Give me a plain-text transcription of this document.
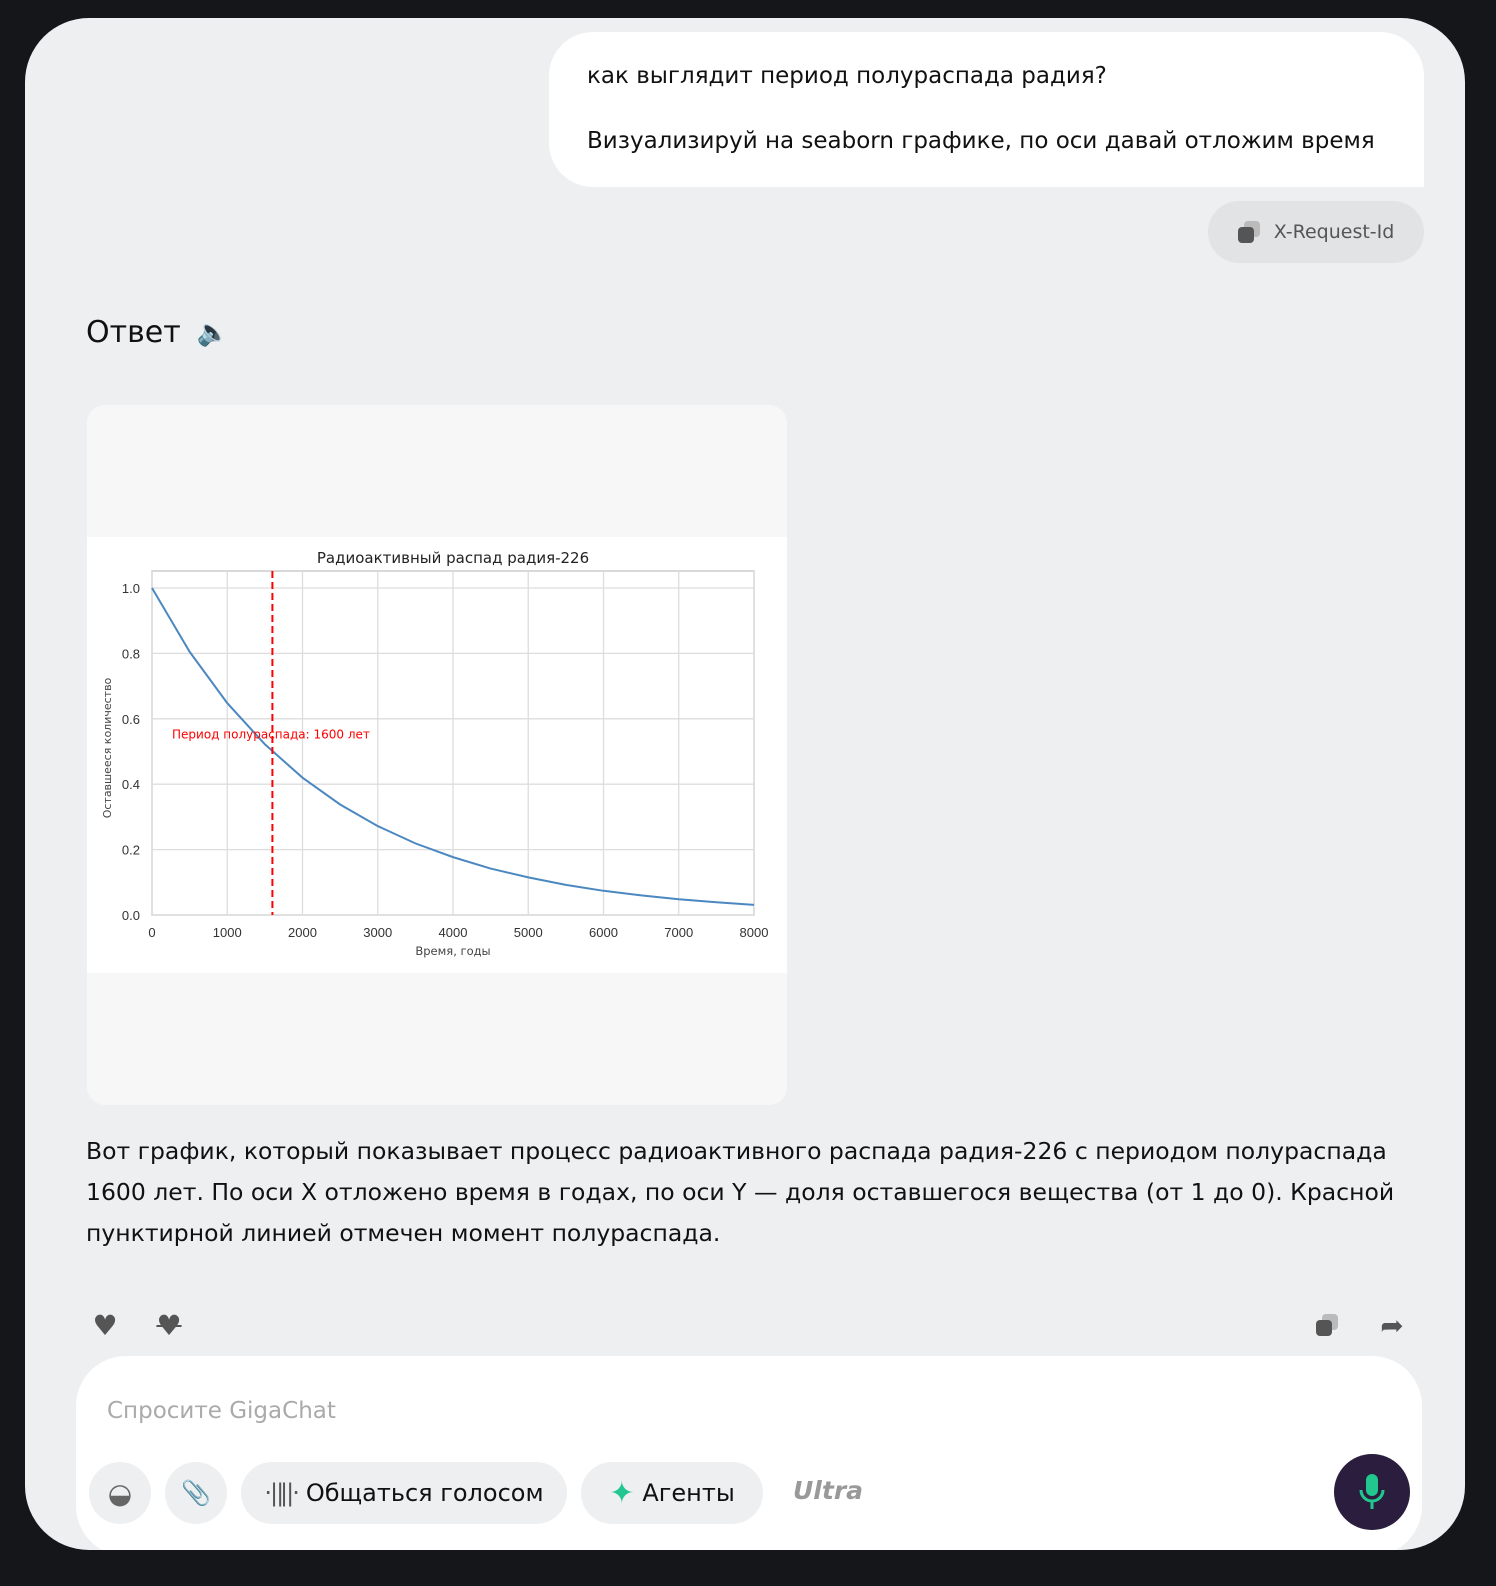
как выглядит период полураспада радия?

Визуализируй на seaborn графике, по оси давай отложим время

X-Request-Id
Ответ 🔈
0	1000	2000	3000	4000	5000	6000	7000	8000
0.0
0.2
0.4
0.6
0.8
1.0
Радиоактивный распад радия-226
Время, годы
Оставшееся количество	Период полураспада: 1600 лет
Вот график, который показывает процесс радиоактивного распада радия-226 с периодом полураспада 1600 лет. По оси X отложено время в годах, по оси Y — доля оставшегося вещества (от 1 до 0). Красной пунктирной линией отмечен момент полураспада.
♥ ♥	➦
Спросите GigaChat
◒ 📎 ·|‖|· Общаться голосом ✦ Агенты Ultra
